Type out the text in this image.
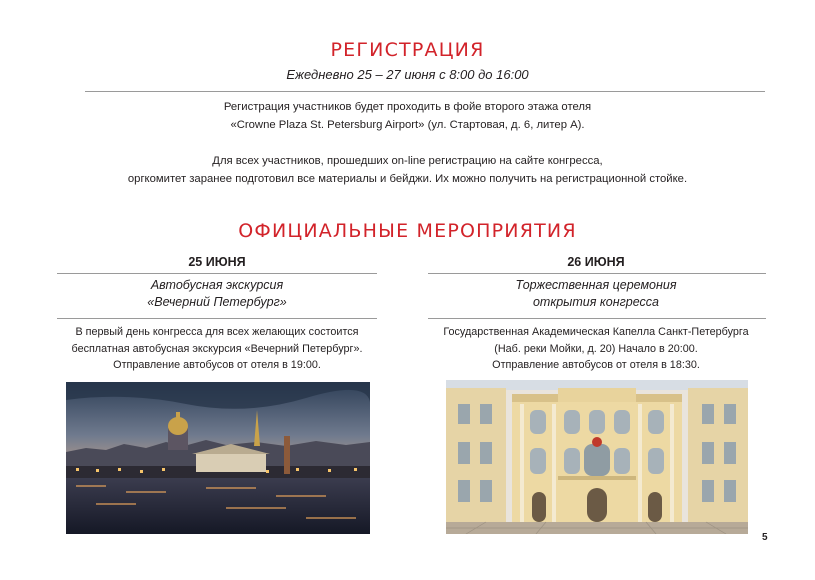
РЕГИСТРАЦИЯ
Ежедневно 25 – 27 июня с 8:00 до 16:00
Регистрация участников будет проходить в фойе второго этажа отеля
«Crowne Plaza St. Petersburg Airport» (ул. Стартовая, д. 6, литер А).
Для всех участников, прошедших on-line регистрацию на сайте конгресса,
оргкомитет заранее подготовил все материалы и бейджи. Их можно получить на регистрационной стойке.
ОФИЦИАЛЬНЫЕ МЕРОПРИЯТИЯ
25 ИЮНЯ
Автобусная экскурсия
«Вечерний Петербург»
В первый день конгресса для всех желающих состоится
бесплатная автобусная экскурсия «Вечерний Петербург».
Отправление автобусов от отеля в 19:00.
26 ИЮНЯ
Торжественная церемония
открытия конгресса
Государственная Академическая Капелла Санкт-Петербурга
(Наб. реки Мойки, д. 20) Начало в 20:00.
Отправление автобусов от отеля в 18:30.
5
